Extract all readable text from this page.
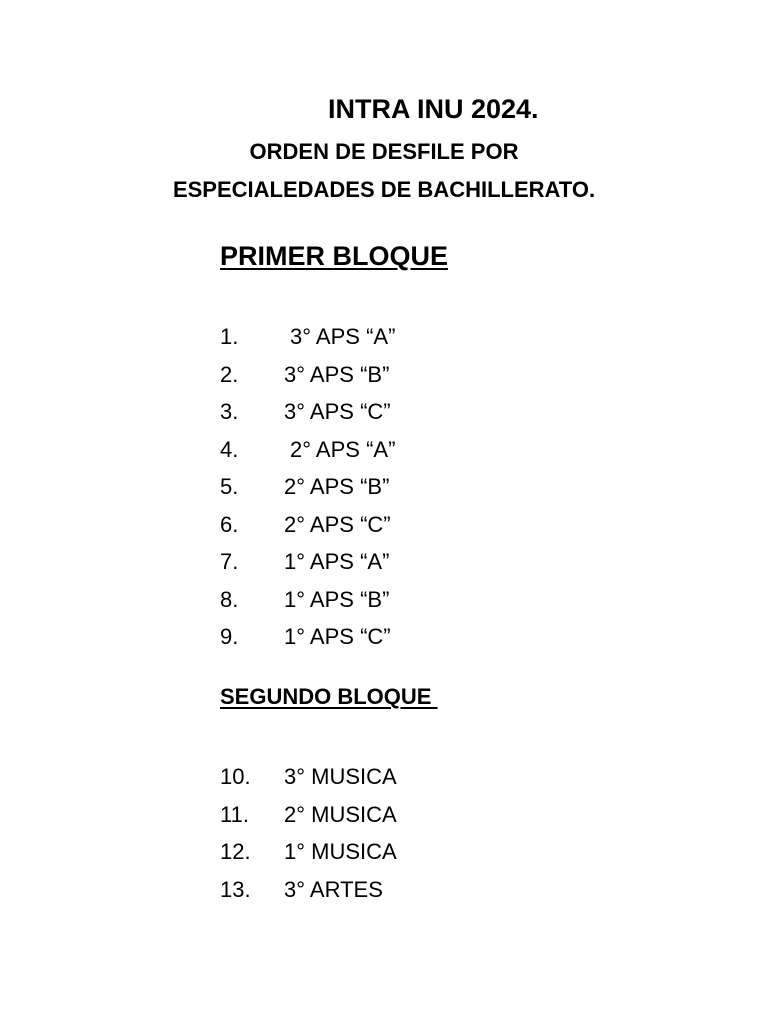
INTRA INU 2024.
ORDEN DE DESFILE POR
ESPECIALEDADES DE BACHILLERATO.
PRIMER BLOQUE
1. 3° APS “A”
2. 3° APS “B”
3. 3° APS “C”
4. 2° APS “A”
5. 2° APS “B”
6. 2° APS “C”
7. 1° APS “A”
8. 1° APS “B”
9. 1° APS “C”
SEGUNDO BLOQUE
10. 3° MUSICA
11. 2° MUSICA
12. 1° MUSICA
13. 3° ARTES
